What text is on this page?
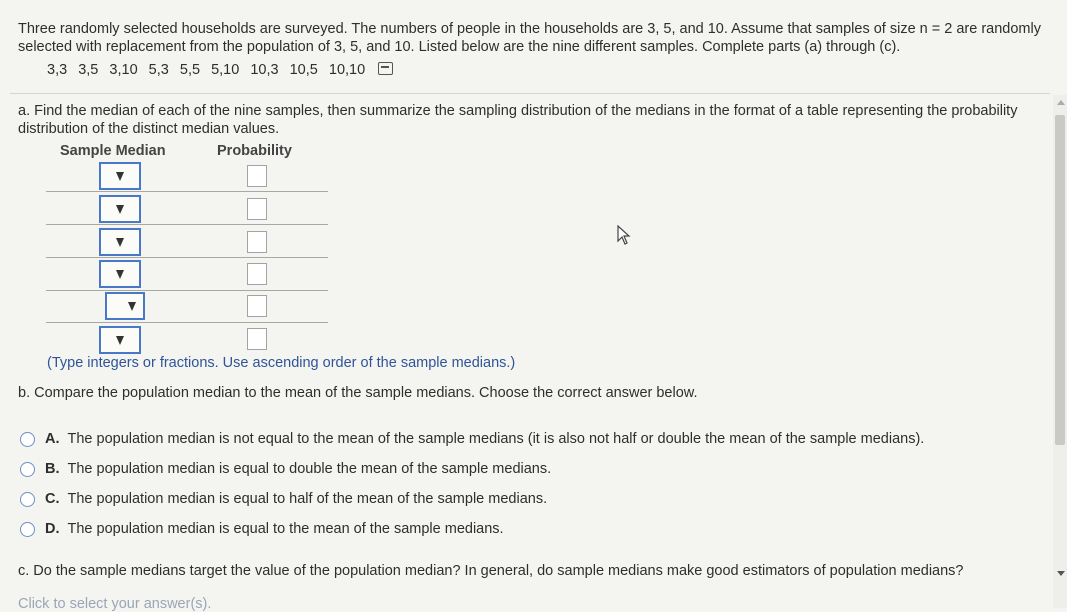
Three randomly selected households are surveyed. The numbers of people in the households are 3, 5, and 10. Assume that samples of size n = 2 are randomly selected with replacement from the population of 3, 5, and 10. Listed below are the nine different samples. Complete parts (a) through (c).
3,3 3,5 3,10 5,3 5,5 5,10 10,3 10,5 10,10
a. Find the median of each of the nine samples, then summarize the sampling distribution of the medians in the format of a table representing the probability distribution of the distinct median values.
Sample Median	Probability
(Type integers or fractions. Use ascending order of the sample medians.)
b. Compare the population median to the mean of the sample medians. Choose the correct answer below.
A. The population median is not equal to the mean of the sample medians (it is also not half or double the mean of the sample medians).
B. The population median is equal to double the mean of the sample medians.
C. The population median is equal to half of the mean of the sample medians.
D. The population median is equal to the mean of the sample medians.
c. Do the sample medians target the value of the population median? In general, do sample medians make good estimators of population medians?
Click to select your answer(s).
